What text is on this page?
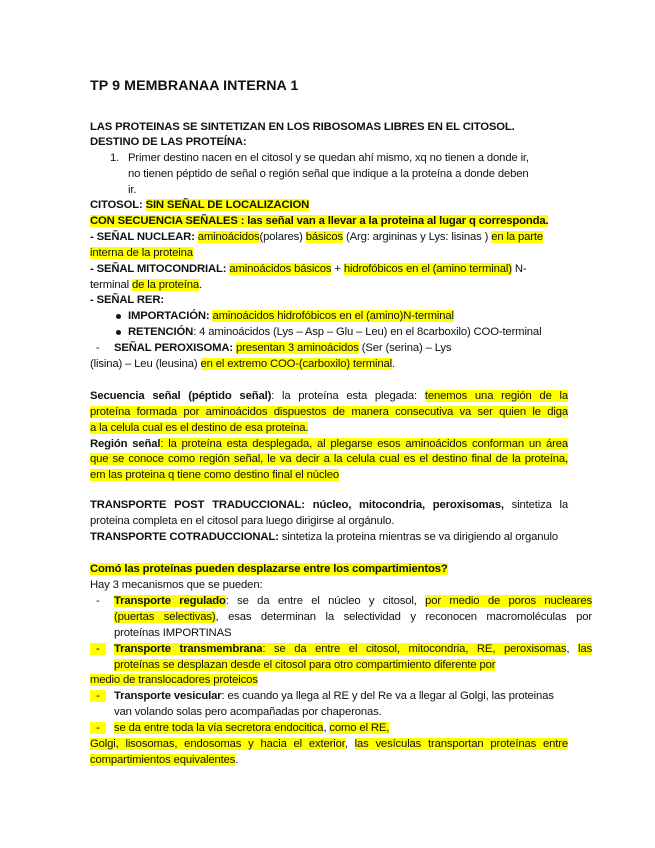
TP 9 MEMBRANAA INTERNA 1
LAS PROTEINAS SE SINTETIZAN EN LOS RIBOSOMAS LIBRES EN EL CITOSOL.
DESTINO DE LAS PROTEÍNA:
1. Primer destino nacen en el citosol y se quedan ahí mismo, xq no tienen a donde ir,
no tienen péptido de señal o región señal que indique a la proteína a donde deben
ir.
CITOSOL: SIN SEÑAL DE LOCALIZACION
CON SECUENCIA SEÑALES : las señal van a llevar a la proteina al lugar q corresponda.
- SEÑAL NUCLEAR: aminoácidos(polares) básicos (Arg: argininas y Lys: lisinas ) en la parte
interna de la proteina
- SEÑAL MITOCONDRIAL: aminoácidos básicos + hidrofóbicos en el (amino terminal) N-
terminal de la proteína.
- SEÑAL RER:
IMPORTACIÓN: aminoácidos hidrofóbicos en el (amino)N-terminal
RETENCIÓN: 4 aminoácidos (Lys – Asp – Glu – Leu) en el 8carboxilo) COO-terminal
- SEÑAL PEROXISOMA: presentan 3 aminoácidos (Ser (serina) – Lys
(lisina) – Leu (leusina) en el extremo COO-(carboxilo) terminal.
Secuencia señal (péptido señal): la proteína esta plegada: tenemos una región de la
proteína formada por aminoácidos dispuestos de manera consecutiva va ser quien le diga
a la celula cual es el destino de esa proteina.
Región señal: la proteína esta desplegada, al plegarse esos aminoácidos conforman un área
que se conoce como región señal, le va decir a la celula cual es el destino final de la proteína,
em las proteina q tiene como destino final el núcleo
TRANSPORTE POST TRADUCCIONAL: núcleo, mitocondria, peroxisomas, sintetiza la
proteina completa en el citosol para luego dirigirse al orgánulo.
TRANSPORTE COTRADUCCIONAL: sintetiza la proteina mientras se va dirigiendo al organulo
Comó las proteínas pueden desplazarse entre los compartimientos?
Hay 3 mecanismos que se pueden:
- Transporte regulado: se da entre el núcleo y citosol, por medio de poros nucleares
(puertas selectivas), esas determinan la selectividad y reconocen macromoléculas por
proteínas IMPORTINAS
-	Transporte transmembrana: se da entre el citosol, mitocondria, RE, peroxisomas, las
proteínas se desplazan desde el citosol para otro compartimiento diferente por
medio de translocadores proteicos
-	Transporte vesicular: es cuando ya llega al RE y del Re va a llegar al Golgi, las proteinas
van volando solas pero acompañadas por chaperonas.
-	se da entre toda la vía secretora endocitica, como el RE,
Golgi, lisosomas, endosomas y hacia el exterior, las vesículas transportan proteínas entre
compartimientos equivalentes.
